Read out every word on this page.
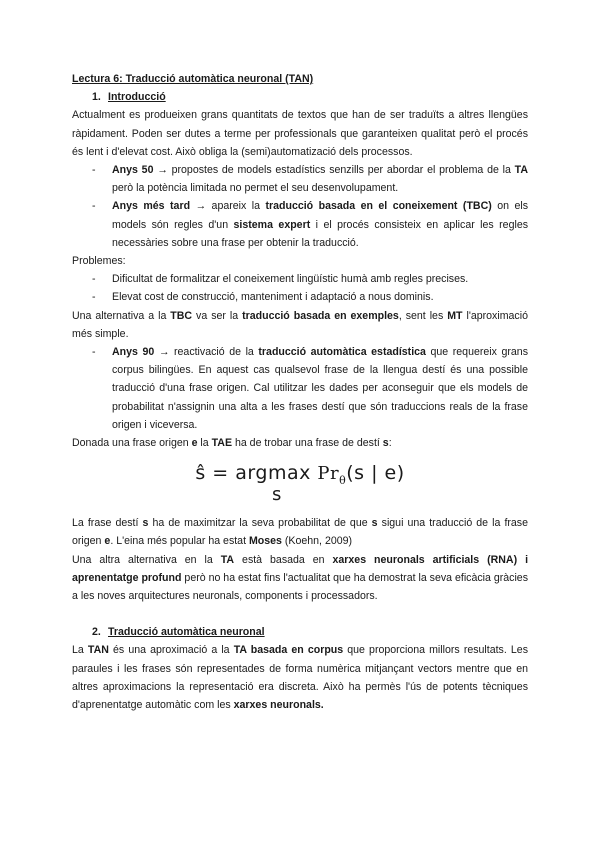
Lectura 6: Traducció automàtica neuronal (TAN)

1. Introducció

Actualment es produeixen grans quantitats de textos que han de ser traduïts a altres llengües ràpidament. Poden ser dutes a terme per professionals que garanteixen qualitat però el procés és lent i d'elevat cost. Això obliga la (semi)automatizació dels processos.

- Anys 50 → propostes de models estadístics senzills per abordar el problema de la TA però la potència limitada no permet el seu desenvolupament.
- Anys més tard → apareix la traducció basada en el coneixement (TBC) on els models són regles d'un sistema expert i el procés consisteix en aplicar les regles necessàries sobre una frase per obtenir la traducció.

Problemes:

- Dificultat de formalitzar el coneixement lingüístic humà amb regles precises.
- Elevat cost de construcció, manteniment i adaptació a nous dominis.

Una alternativa a la TBC va ser la traducció basada en exemples, sent les MT l'aproximació més simple.

- Anys 90 → reactivació de la traducció automàtica estadística que requereix grans corpus bilingües. En aquest cas qualsevol frase de la llengua destí és una possible traducció d'una frase origen. Cal utilitzar les dades per aconseguir que els models de probabilitat n'assignin una alta a les frases destí que són traduccions reals de la frase origen i viceversa.

Donada una frase origen e la TAE ha de trobar una frase de destí s:

ŝ = argmax $Pr_\theta(s$ | e)
s

La frase destí s ha de maximitzar la seva probabilitat de que s sigui una traducció de la frase origen e. L'eina més popular ha estat Moses (Koehn, 2009)

Una altra alternativa en la TA està basada en xarxes neuronals artificials (RNA) i aprenentatge profund però no ha estat fins l'actualitat que ha demostrat la seva eficàcia gràcies a les noves arquitectures neuronals, components i processadors.

2. Traducció automàtica neuronal

La TAN és una aproximació a la TA basada en corpus que proporciona millors resultats. Les paraules i les frases són representades de forma numèrica mitjançant vectors mentre que en altres aproximacions la representació era discreta. Això ha permès l'ús de potents tècniques d'aprenentatge automàtic com les xarxes neuronals.
